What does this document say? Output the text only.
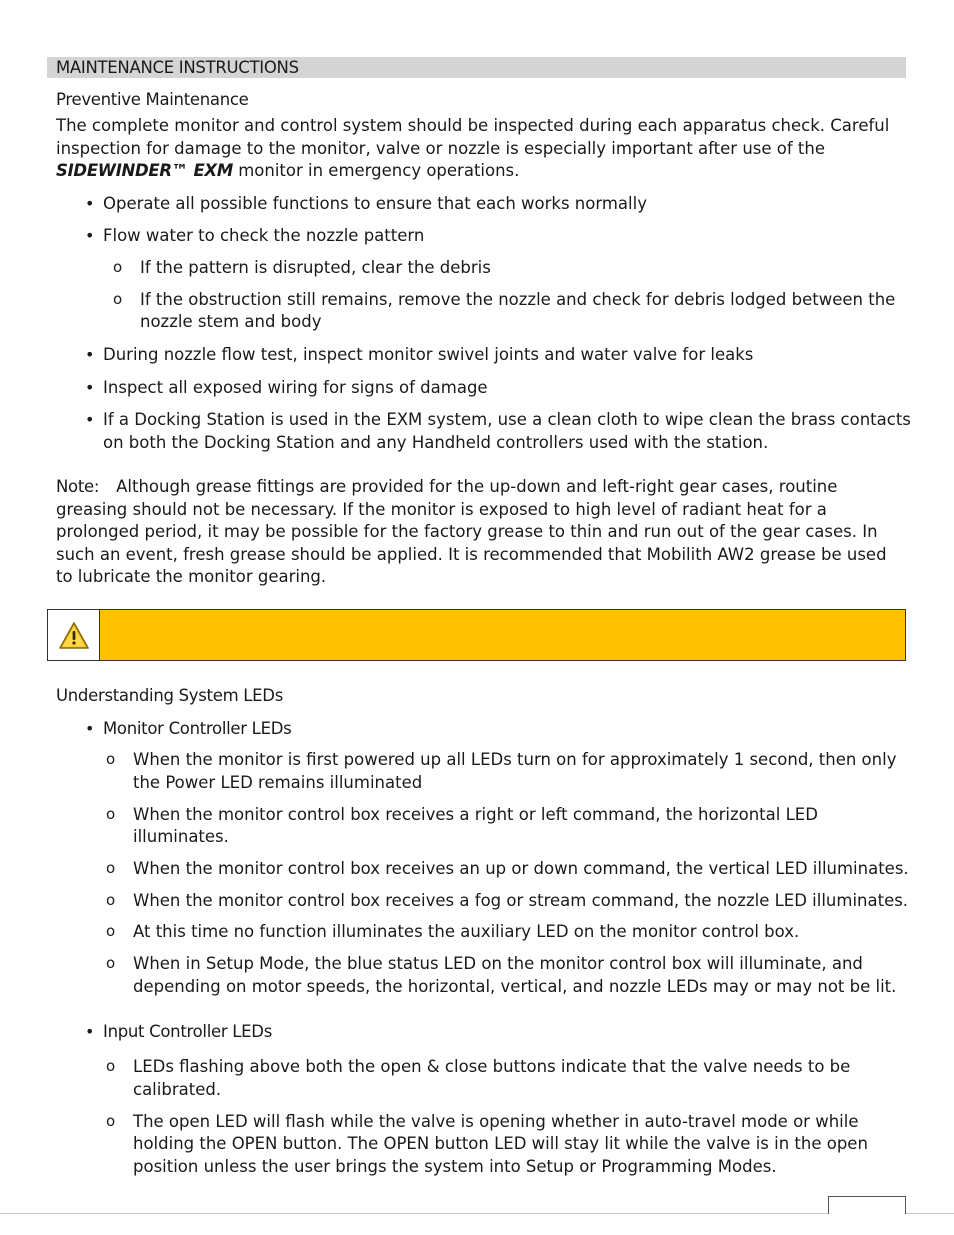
MAINTENANCE INSTRUCTIONS
Preventive Maintenance
The complete monitor and control system should be inspected during each apparatus check. Careful
inspection for damage to the monitor, valve or nozzle is especially important after use of the
SIDEWINDER™ EXM monitor in emergency operations.
• Operate all possible functions to ensure that each works normally
• Flow water to check the nozzle pattern
o If the pattern is disrupted, clear the debris
o If the obstruction still remains, remove the nozzle and check for debris lodged between the
nozzle stem and body
• During nozzle flow test, inspect monitor swivel joints and water valve for leaks
• Inspect all exposed wiring for signs of damage
• If a Docking Station is used in the EXM system, use a clean cloth to wipe clean the brass contacts
on both the Docking Station and any Handheld controllers used with the station.
Note: Although grease fittings are provided for the up-down and left-right gear cases, routine
greasing should not be necessary. If the monitor is exposed to high level of radiant heat for a
prolonged period, it may be possible for the factory grease to thin and run out of the gear cases. In
such an event, fresh grease should be applied. It is recommended that Mobilith AW2 grease be used
to lubricate the monitor gearing.
Understanding System LEDs
• Monitor Controller LEDs
o When the monitor is first powered up all LEDs turn on for approximately 1 second, then only
the Power LED remains illuminated
o When the monitor control box receives a right or left command, the horizontal LED
illuminates.
o When the monitor control box receives an up or down command, the vertical LED illuminates.
o When the monitor control box receives a fog or stream command, the nozzle LED illuminates.
o At this time no function illuminates the auxiliary LED on the monitor control box.
o When in Setup Mode, the blue status LED on the monitor control box will illuminate, and
depending on motor speeds, the horizontal, vertical, and nozzle LEDs may or may not be lit.
• Input Controller LEDs
o LEDs flashing above both the open & close buttons indicate that the valve needs to be
calibrated.
o The open LED will flash while the valve is opening whether in auto-travel mode or while
holding the OPEN button. The OPEN button LED will stay lit while the valve is in the open
position unless the user brings the system into Setup or Programming Modes.
